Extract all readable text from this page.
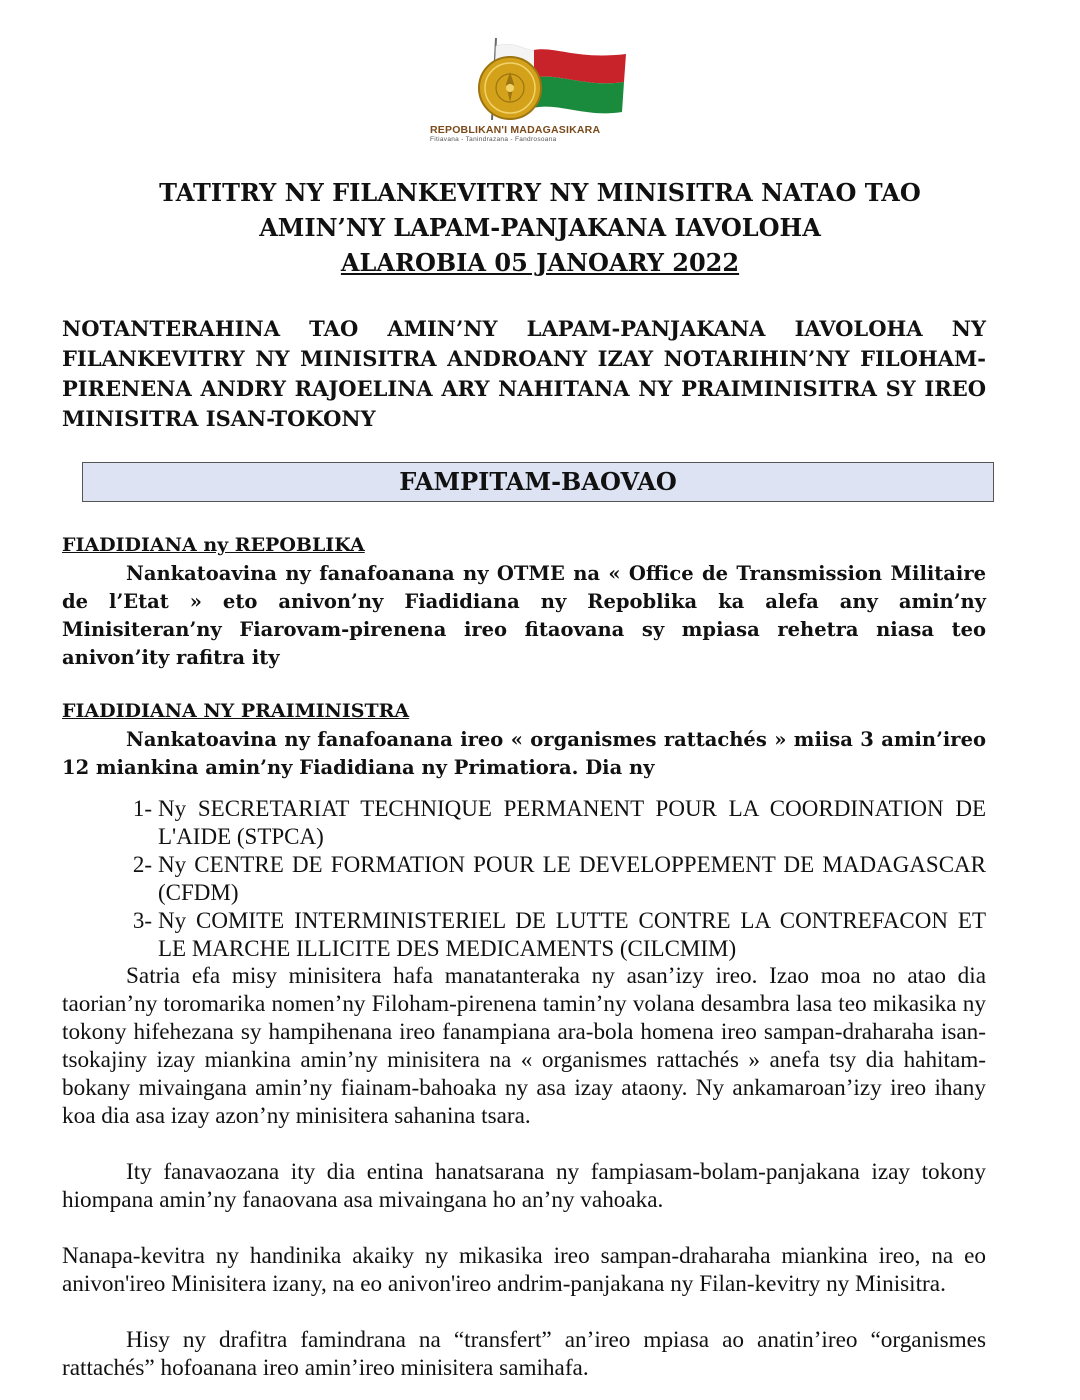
REPOBLIKAN'I MADAGASIKARA
Fitiavana - Tanindrazana - Fandrosoana
TATITRY NY FILANKEVITRY NY MINISITRA NATAO TAO
AMIN’NY LAPAM-PANJAKANA IAVOLOHA
ALAROBIA 05 JANOARY 2022
NOTANTERAHINA TAO AMIN’NY LAPAM-PANJAKANA IAVOLOHA NY FILANKEVITRY NY MINISITRA ANDROANY IZAY NOTARIHIN’NY FILOHAM-PIRENENA ANDRY RAJOELINA ARY NAHITANA NY PRAIMINISITRA SY IREO MINISITRA ISAN-TOKONY
FAMPITAM-BAOVAO
FIADIDIANA ny REPOBLIKA
Nankatoavina ny fanafoanana ny OTME na « Office de Transmission Militaire de l’Etat » eto anivon’ny Fiadidiana ny Repoblika ka alefa any amin’ny Minisiteran’ny Fiarovam-pirenena ireo fitaovana sy mpiasa rehetra niasa teo anivon’ity rafitra ity
FIADIDIANA NY PRAIMINISTRA
Nankatoavina ny fanafoanana ireo « organismes rattachés » miisa 3 amin’ireo 12 miankina amin’ny Fiadidiana ny Primatiora. Dia ny
1- Ny SECRETARIAT TECHNIQUE PERMANENT POUR LA COORDINATION DE L'AIDE (STPCA)
2- Ny CENTRE DE FORMATION POUR LE DEVELOPPEMENT DE MADAGASCAR (CFDM)
3- Ny COMITE INTERMINISTERIEL DE LUTTE CONTRE LA CONTREFACON ET LE MARCHE ILLICITE DES MEDICAMENTS (CILCMIM)
Satria efa misy minisitera hafa manatanteraka ny asan’izy ireo. Izao moa no atao dia taorian’ny toromarika nomen’ny Filoham-pirenena tamin’ny volana desambra lasa teo mikasika ny tokony hifehezana sy hampihenana ireo fanampiana ara-bola homena ireo sampan-draharaha isan-tsokajiny izay miankina amin’ny minisitera na « organismes rattachés » anefa tsy dia hahitam-bokany mivaingana amin’ny fiainam-bahoaka ny asa izay ataony. Ny ankamaroan’izy ireo ihany koa dia asa izay azon’ny minisitera sahanina tsara.
Ity fanavaozana ity dia entina hanatsarana ny fampiasam-bolam-panjakana izay tokony hiompana amin’ny fanaovana asa mivaingana ho an’ny vahoaka.
Nanapa-kevitra ny handinika akaiky ny mikasika ireo sampan-draharaha miankina ireo, na eo anivon'ireo Minisitera izany, na eo anivon'ireo andrim-panjakana ny Filan-kevitry ny Minisitra.
Hisy ny drafitra famindrana na “transfert” an’ireo mpiasa ao anatin’ireo “organismes rattachés” hofoanana ireo amin’ireo minisitera samihafa.
